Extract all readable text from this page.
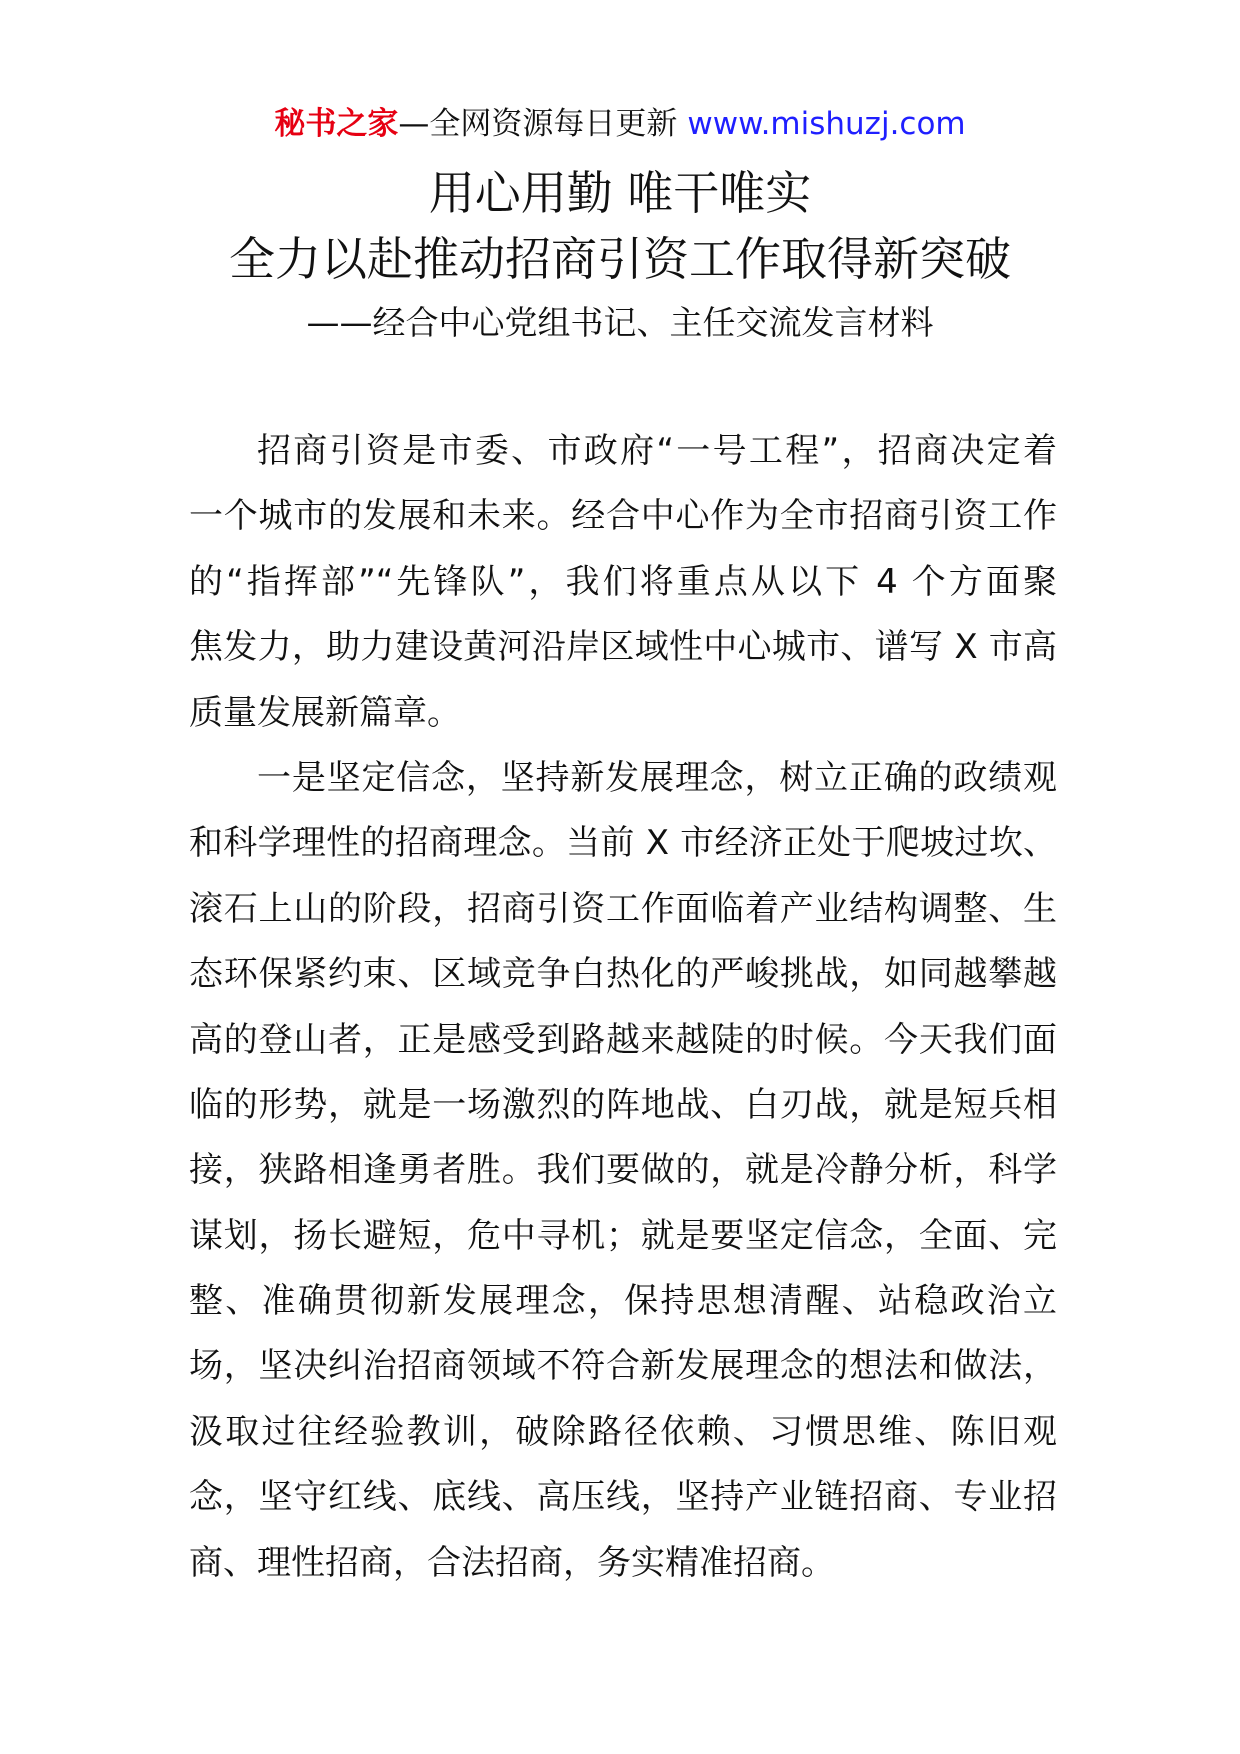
秘书之家—全网资源每日更新 www.mishuzj.com
用心用勤 唯干唯实
全力以赴推动招商引资工作取得新突破
——经合中心党组书记、主任交流发言材料
招商引资是市委、市政府“一号工程”，招商决定着
一个城市的发展和未来。经合中心作为全市招商引资工作
的“指挥部”“先锋队”，我们将重点从以下 4 个方面聚
焦发力，助力建设黄河沿岸区域性中心城市、谱写 X 市高
质量发展新篇章。
一是坚定信念，坚持新发展理念，树立正确的政绩观
和科学理性的招商理念。当前 X 市经济正处于爬坡过坎、
滚石上山的阶段，招商引资工作面临着产业结构调整、生
态环保紧约束、区域竞争白热化的严峻挑战，如同越攀越
高的登山者，正是感受到路越来越陡的时候。今天我们面
临的形势，就是一场激烈的阵地战、白刃战，就是短兵相
接，狭路相逢勇者胜。我们要做的，就是冷静分析，科学
谋划，扬长避短，危中寻机；就是要坚定信念，全面、完
整、准确贯彻新发展理念，保持思想清醒、站稳政治立
场，坚决纠治招商领域不符合新发展理念的想法和做法，
汲取过往经验教训，破除路径依赖、习惯思维、陈旧观
念，坚守红线、底线、高压线，坚持产业链招商、专业招
商、理性招商，合法招商，务实精准招商。
